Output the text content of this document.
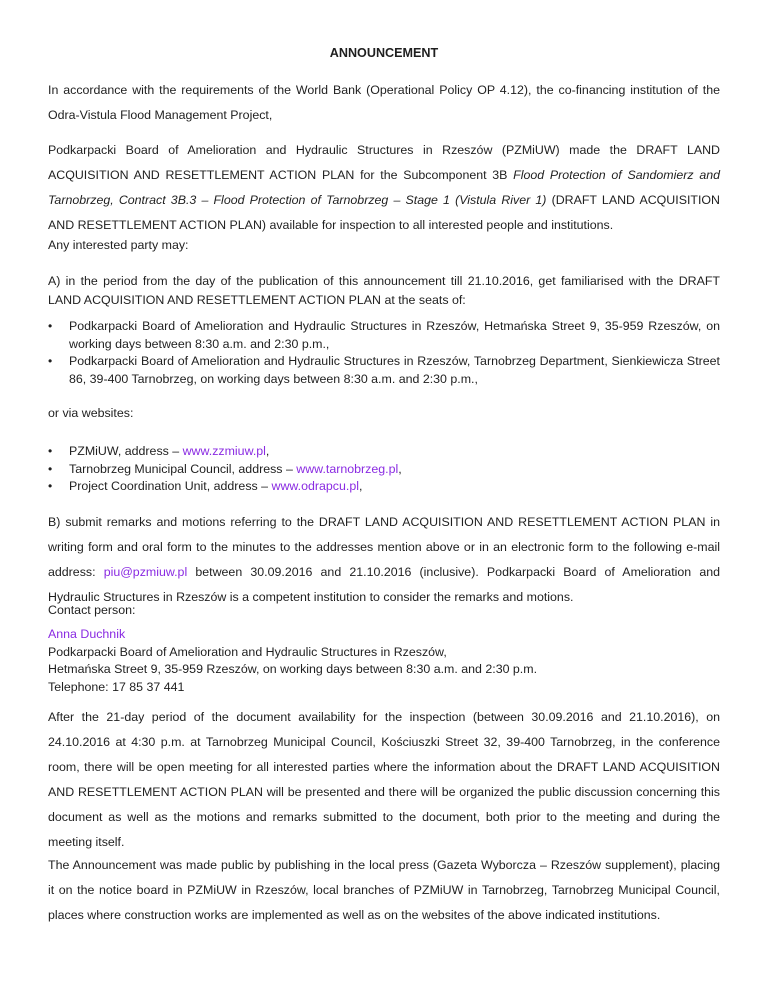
ANNOUNCEMENT

In accordance with the requirements of the World Bank (Operational Policy OP 4.12), the co-financing institution of the Odra-Vistula Flood Management Project,

Podkarpacki Board of Amelioration and Hydraulic Structures in Rzeszów (PZMiUW) made the DRAFT LAND ACQUISITION AND RESETTLEMENT ACTION PLAN for the Subcomponent 3B Flood Protection of Sandomierz and Tarnobrzeg, Contract 3B.3 – Flood Protection of Tarnobrzeg – Stage 1 (Vistula River 1) (DRAFT LAND ACQUISITION AND RESETTLEMENT ACTION PLAN) available for inspection to all interested people and institutions.

Any interested party may:

A) in the period from the day of the publication of this announcement till 21.10.2016, get familiarised with the DRAFT LAND ACQUISITION AND RESETTLEMENT ACTION PLAN at the seats of:

• Podkarpacki Board of Amelioration and Hydraulic Structures in Rzeszów, Hetmańska Street 9, 35-959 Rzeszów, on working days between 8:30 a.m. and 2:30 p.m.,
• Podkarpacki Board of Amelioration and Hydraulic Structures in Rzeszów, Tarnobrzeg Department, Sienkiewicza Street 86, 39-400 Tarnobrzeg, on working days between 8:30 a.m. and 2:30 p.m.,

or via websites:

• PZMiUW, address – www.zzmiuw.pl,
• Tarnobrzeg Municipal Council, address – www.tarnobrzeg.pl,
• Project Coordination Unit, address – www.odrapcu.pl,

B) submit remarks and motions referring to the DRAFT LAND ACQUISITION AND RESETTLEMENT ACTION PLAN in writing form and oral form to the minutes to the addresses mention above or in an electronic form to the following e-mail address: piu@pzmiuw.pl between 30.09.2016 and 21.10.2016 (inclusive). Podkarpacki Board of Amelioration and Hydraulic Structures in Rzeszów is a competent institution to consider the remarks and motions.

Contact person:

Anna Duchnik
Podkarpacki Board of Amelioration and Hydraulic Structures in Rzeszów,
Hetmańska Street 9, 35-959 Rzeszów, on working days between 8:30 a.m. and 2:30 p.m.
Telephone: 17 85 37 441

After the 21-day period of the document availability for the inspection (between 30.09.2016 and 21.10.2016), on 24.10.2016 at 4:30 p.m. at Tarnobrzeg Municipal Council, Kościuszki Street 32, 39-400 Tarnobrzeg, in the conference room, there will be open meeting for all interested parties where the information about the DRAFT LAND ACQUISITION AND RESETTLEMENT ACTION PLAN will be presented and there will be organized the public discussion concerning this document as well as the motions and remarks submitted to the document, both prior to the meeting and during the meeting itself.

The Announcement was made public by publishing in the local press (Gazeta Wyborcza – Rzeszów supplement), placing it on the notice board in PZMiUW in Rzeszów, local branches of PZMiUW in Tarnobrzeg, Tarnobrzeg Municipal Council, places where construction works are implemented as well as on the websites of the above indicated institutions.
